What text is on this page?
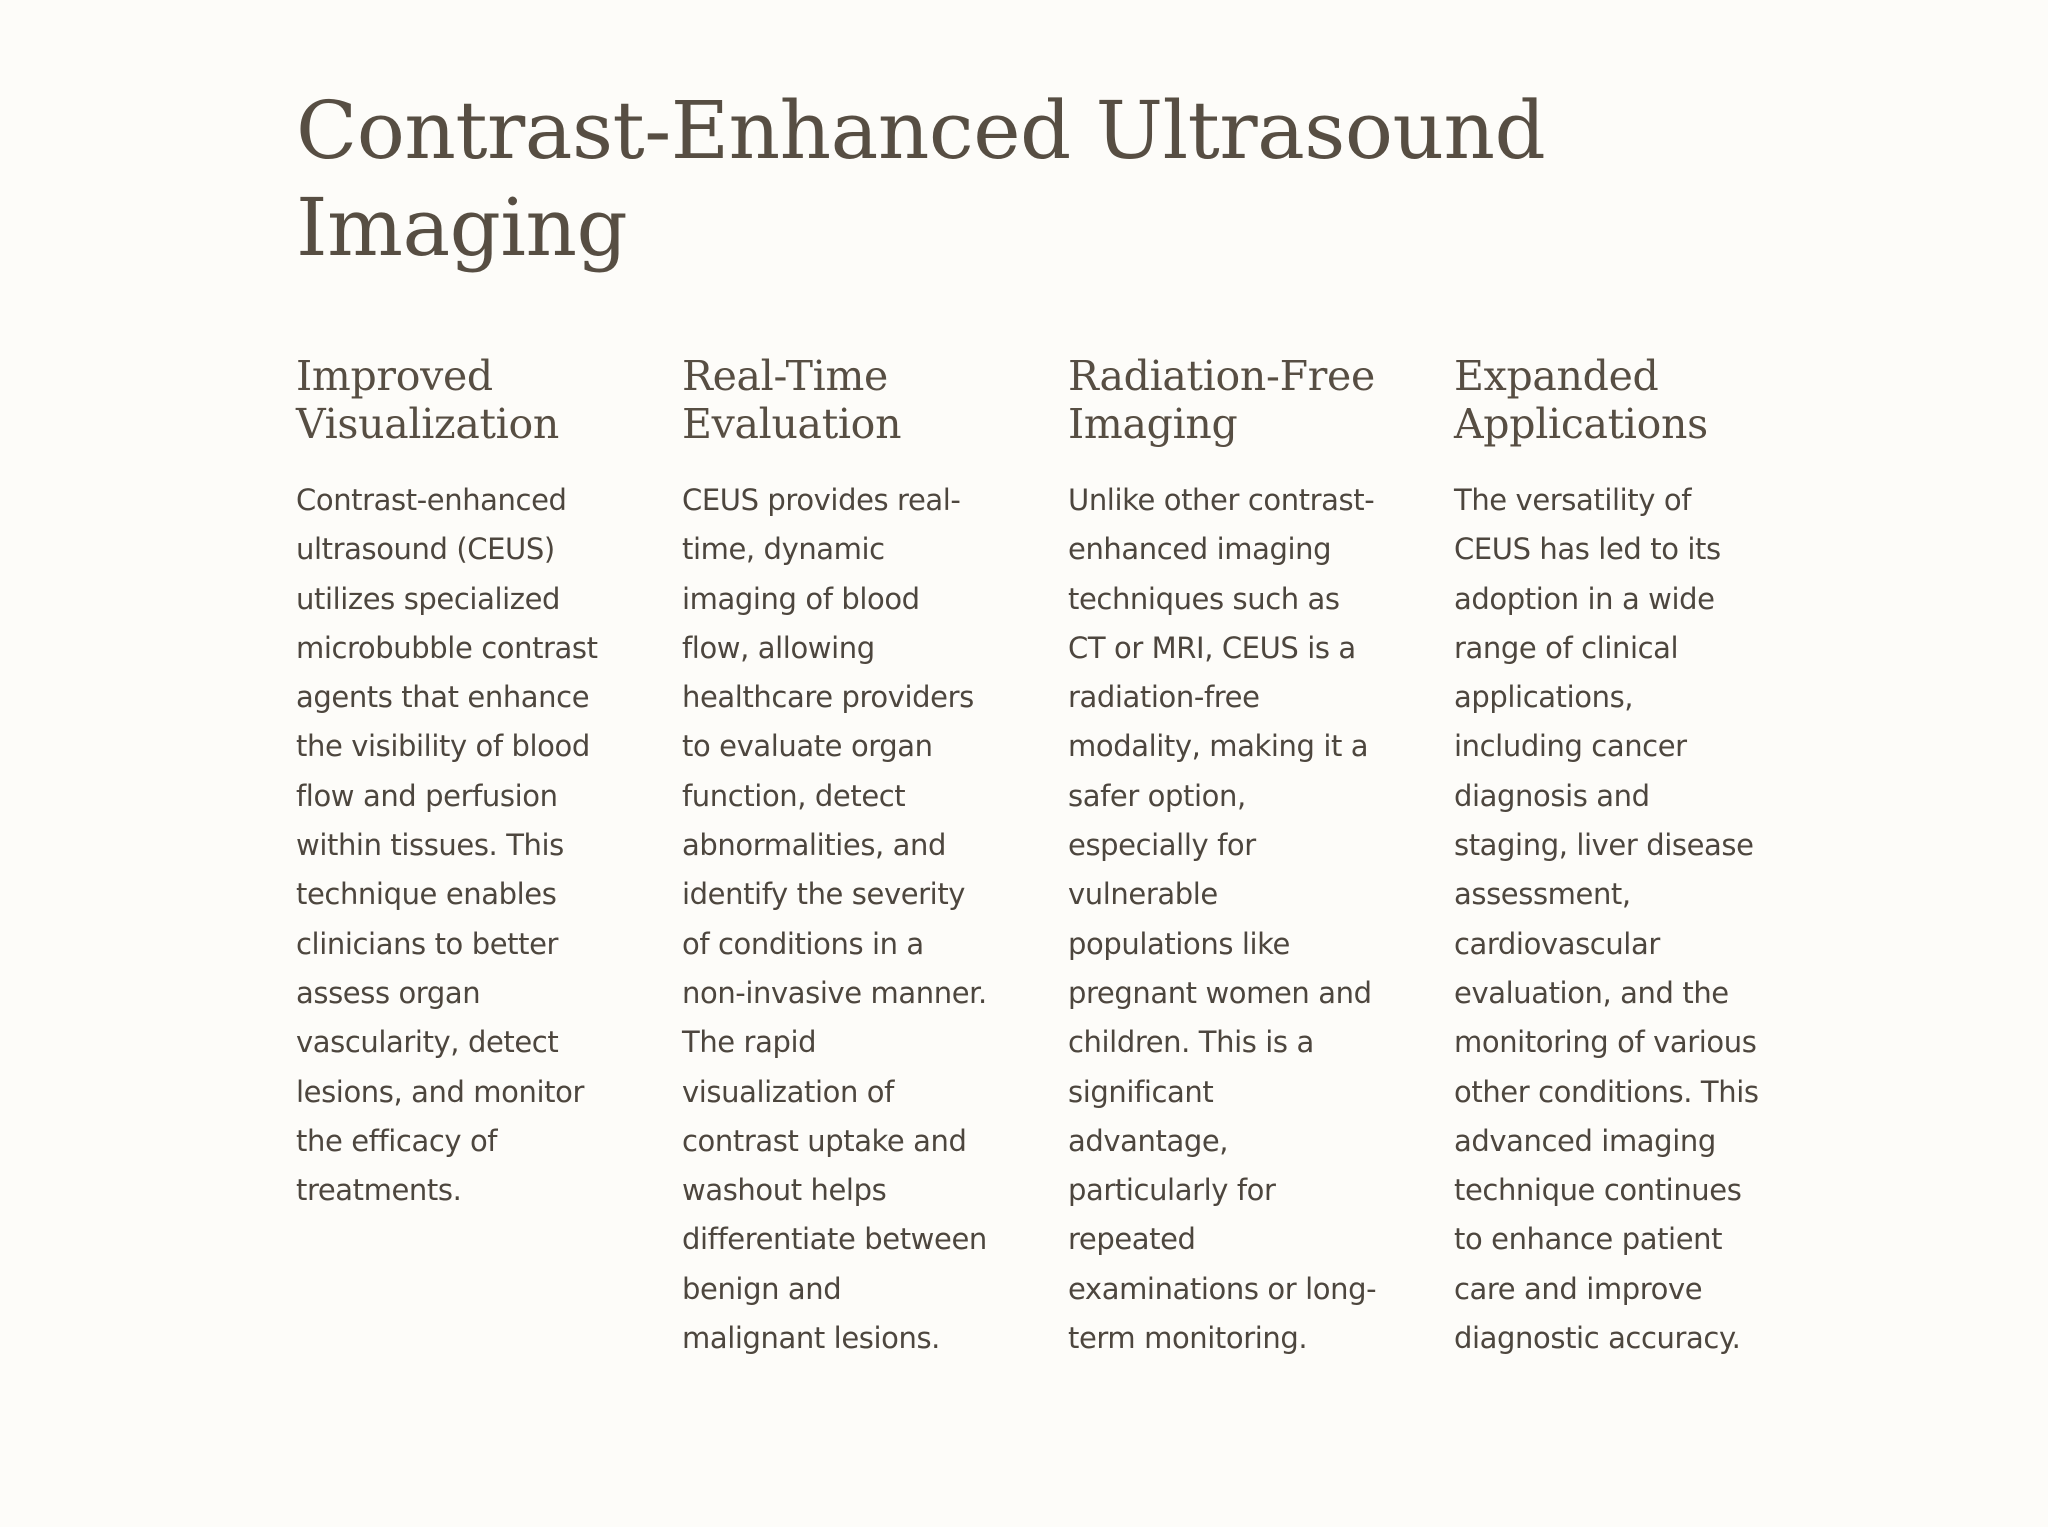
Contrast-Enhanced Ultrasound Imaging
Improved Visualization

Contrast-enhanced ultrasound (CEUS) utilizes specialized microbubble contrast agents that enhance the visibility of blood flow and perfusion within tissues. This technique enables clinicians to better assess organ vascularity, detect lesions, and monitor the efficacy of treatments.

Real-Time Evaluation

CEUS provides real-time, dynamic imaging of blood flow, allowing healthcare providers to evaluate organ function, detect abnormalities, and identify the severity of conditions in a non-invasive manner. The rapid visualization of contrast uptake and washout helps differentiate between benign and malignant lesions.

Radiation-Free Imaging

Unlike other contrast-enhanced imaging techniques such as CT or MRI, CEUS is a radiation-free modality, making it a safer option, especially for vulnerable populations like pregnant women and children. This is a significant advantage, particularly for repeated examinations or long-term monitoring.

Expanded Applications

The versatility of CEUS has led to its adoption in a wide range of clinical applications, including cancer diagnosis and staging, liver disease assessment, cardiovascular evaluation, and the monitoring of various other conditions. This advanced imaging technique continues to enhance patient care and improve diagnostic accuracy.
